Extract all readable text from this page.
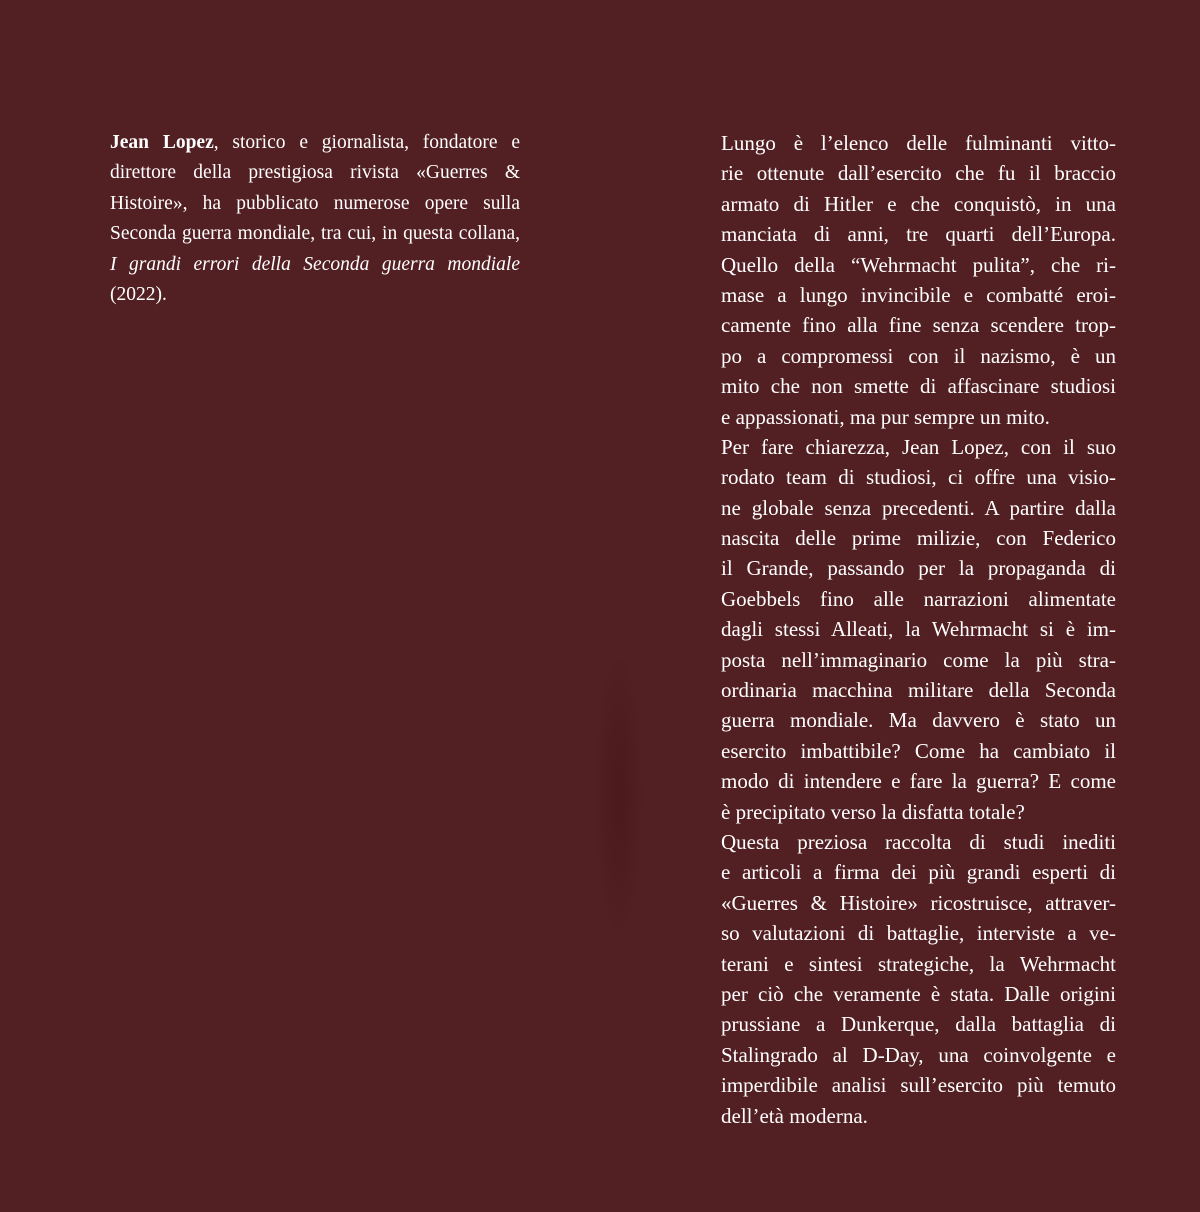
Jean Lopez, storico e giornalista, fondatore e direttore della prestigiosa rivista «Guerres & Histoire», ha pubblicato numerose opere sulla Seconda guerra mondiale, tra cui, in questa collana, I grandi errori della Seconda guerra mondiale (2022).
Lungo è l’elenco delle fulminanti vitto-
rie ottenute dall’esercito che fu il braccio
armato di Hitler e che conquistò, in una
manciata di anni, tre quarti dell’Europa.
Quello della “Wehrmacht pulita”, che ri-
mase a lungo invincibile e combatté eroi-
camente fino alla fine senza scendere trop-
po a compromessi con il nazismo, è un
mito che non smette di affascinare studiosi
e appassionati, ma pur sempre un mito.
Per fare chiarezza, Jean Lopez, con il suo
rodato team di studiosi, ci offre una visio-
ne globale senza precedenti. A partire dalla
nascita delle prime milizie, con Federico
il Grande, passando per la propaganda di
Goebbels fino alle narrazioni alimentate
dagli stessi Alleati, la Wehrmacht si è im-
posta nell’immaginario come la più stra-
ordinaria macchina militare della Seconda
guerra mondiale. Ma davvero è stato un
esercito imbattibile? Come ha cambiato il
modo di intendere e fare la guerra? E come
è precipitato verso la disfatta totale?
Questa preziosa raccolta di studi inediti
e articoli a firma dei più grandi esperti di
«Guerres & Histoire» ricostruisce, attraver-
so valutazioni di battaglie, interviste a ve-
terani e sintesi strategiche, la Wehrmacht
per ciò che veramente è stata. Dalle origini
prussiane a Dunkerque, dalla battaglia di
Stalingrado al D-Day, una coinvolgente e
imperdibile analisi sull’esercito più temuto
dell’età moderna.
